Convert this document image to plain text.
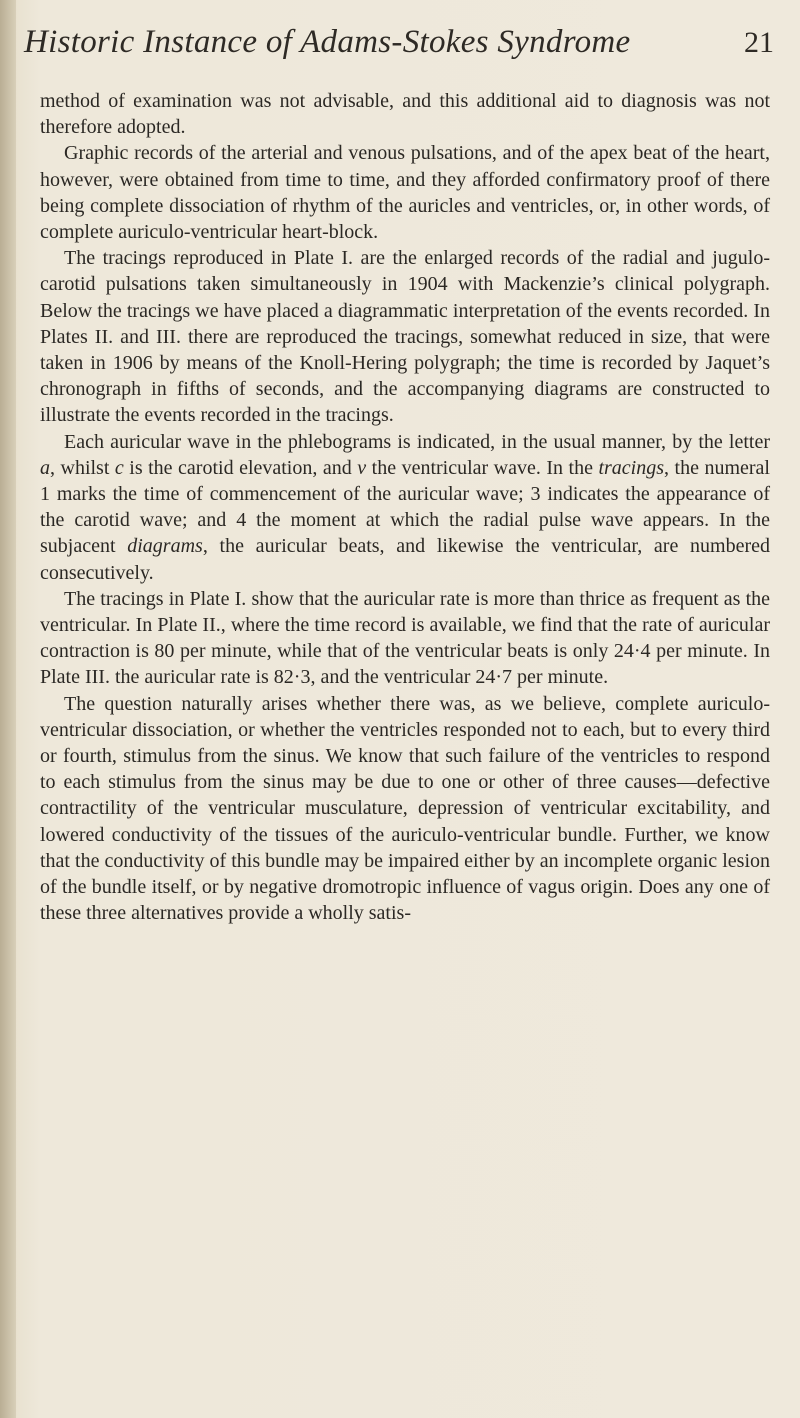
Historic Instance of Adams-Stokes Syndrome	21

method of examination was not advisable, and this additional aid to diagnosis was not therefore adopted.

Graphic records of the arterial and venous pulsations, and of the apex beat of the heart, however, were obtained from time to time, and they afforded confirmatory proof of there being complete dissociation of rhythm of the auricles and ventricles, or, in other words, of complete auriculo-ventricular heart-block.

The tracings reproduced in Plate I. are the enlarged records of the radial and jugulo-carotid pulsations taken simultaneously in 1904 with Mackenzie’s clinical polygraph. Below the tracings we have placed a diagrammatic interpretation of the events recorded. In Plates II. and III. there are reproduced the tracings, somewhat reduced in size, that were taken in 1906 by means of the Knoll-Hering polygraph; the time is recorded by Jaquet’s chronograph in fifths of seconds, and the accompanying diagrams are constructed to illustrate the events recorded in the tracings.

Each auricular wave in the phlebograms is indicated, in the usual manner, by the letter a, whilst c is the carotid elevation, and v the ventricular wave. In the tracings, the numeral 1 marks the time of commencement of the auricular wave; 3 indicates the appearance of the carotid wave; and 4 the moment at which the radial pulse wave appears. In the subjacent diagrams, the auricular beats, and likewise the ventricular, are numbered consecutively.

The tracings in Plate I. show that the auricular rate is more than thrice as frequent as the ventricular. In Plate II., where the time record is available, we find that the rate of auricular contraction is 80 per minute, while that of the ventricular beats is only 24·4 per minute. In Plate III. the auricular rate is 82·3, and the ventricular 24·7 per minute.

The question naturally arises whether there was, as we believe, complete auriculo-ventricular dissociation, or whether the ventricles responded not to each, but to every third or fourth, stimulus from the sinus. We know that such failure of the ventricles to respond to each stimulus from the sinus may be due to one or other of three causes—defective contractility of the ventricular musculature, depression of ventricular excitability, and lowered conductivity of the tissues of the auriculo-ventricular bundle. Further, we know that the conductivity of this bundle may be impaired either by an incomplete organic lesion of the bundle itself, or by negative dromotropic influence of vagus origin. Does any one of these three alternatives provide a wholly satis-
